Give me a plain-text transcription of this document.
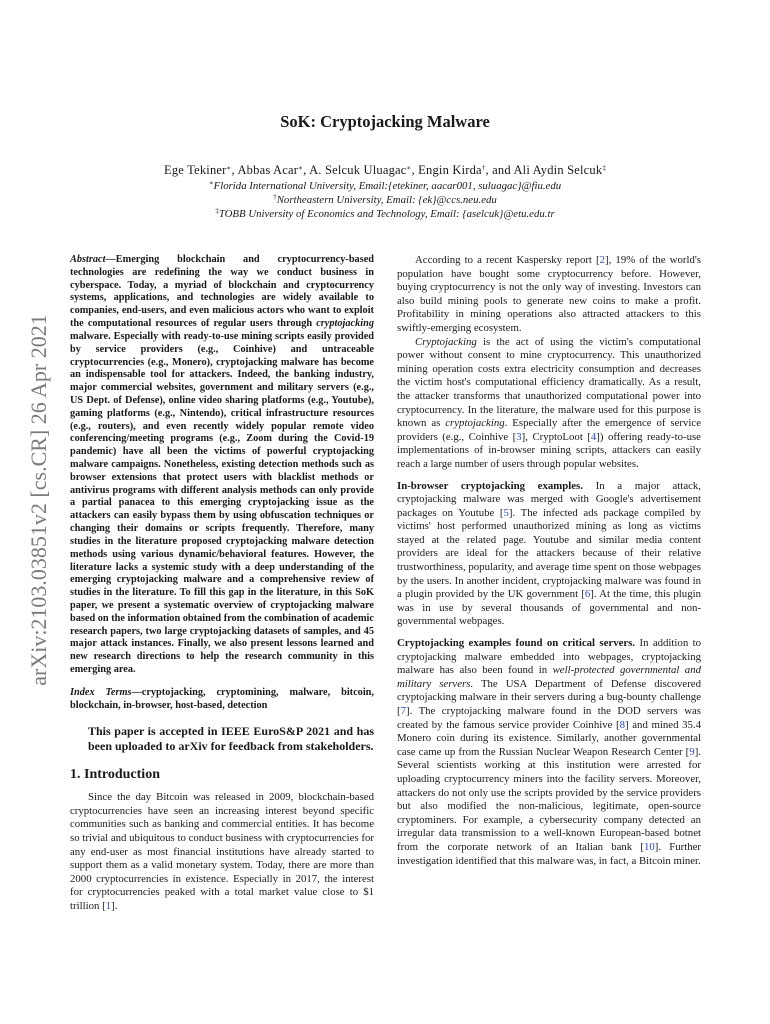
arXiv:2103.03851v2 [cs.CR] 26 Apr 2021
SoK: Cryptojacking Malware
Ege Tekiner∗, Abbas Acar∗, A. Selcuk Uluagac∗, Engin Kirda†, and Ali Aydin Selcuk‡
∗Florida International University, Email:{etekiner, aacar001, suluagac}@fiu.edu
†Northeastern University, Email: {ek}@ccs.neu.edu
‡TOBB University of Economics and Technology, Email: {aselcuk}@etu.edu.tr

Abstract—Emerging blockchain and cryptocurrency-based technologies are redefining the way we conduct business in cyberspace. Today, a myriad of blockchain and cryptocurrency systems, applications, and technologies are widely available to companies, end-users, and even malicious actors who want to exploit the computational resources of regular users through cryptojacking malware. Especially with ready-to-use mining scripts easily provided by service providers (e.g., Coinhive) and untraceable cryptocurrencies (e.g., Monero), cryptojacking malware has become an indispensable tool for attackers. Indeed, the banking industry, major commercial websites, government and military servers (e.g., US Dept. of Defense), online video sharing platforms (e.g., Youtube), gaming platforms (e.g., Nintendo), critical infrastructure resources (e.g., routers), and even recently widely popular remote video conferencing/meeting programs (e.g., Zoom during the Covid-19 pandemic) have all been the victims of powerful cryptojacking malware campaigns. Nonetheless, existing detection methods such as browser extensions that protect users with blacklist methods or antivirus programs with different analysis methods can only provide a partial panacea to this emerging cryptojacking issue as the attackers can easily bypass them by using obfuscation techniques or changing their domains or scripts frequently. Therefore, many studies in the literature proposed cryptojacking malware detection methods using various dynamic/behavioral features. However, the literature lacks a systemic study with a deep understanding of the emerging cryptojacking malware and a comprehensive review of studies in the literature. To fill this gap in the literature, in this SoK paper, we present a systematic overview of cryptojacking malware based on the information obtained from the combination of academic research papers, two large cryptojacking datasets of samples, and 45 major attack instances. Finally, we also present lessons learned and new research directions to help the research community in this emerging area.

Index Terms—cryptojacking, cryptomining, malware, bitcoin, blockchain, in-browser, host-based, detection

This paper is accepted in IEEE EuroS&P 2021 and has been uploaded to arXiv for feedback from stakeholders.

1. Introduction

Since the day Bitcoin was released in 2009, blockchain-based cryptocurrencies have seen an increasing interest beyond specific communities such as banking and commercial entities. It has become so trivial and ubiquitous to conduct business with cryptocurrencies for any end-user as most financial institutions have already started to support them as a valid monetary system. Today, there are more than 2000 cryptocurrencies in existence. Especially in 2017, the interest for cryptocurrencies peaked with a total market value close to $1 trillion [1].

According to a recent Kaspersky report [2], 19% of the world's population have bought some cryptocurrency before. However, buying cryptocurrency is not the only way of investing. Investors can also build mining pools to generate new coins to make a profit. Profitability in mining operations also attracted attackers to this swiftly-emerging ecosystem.

Cryptojacking is the act of using the victim's computational power without consent to mine cryptocurrency. This unauthorized mining operation costs extra electricity consumption and decreases the victim host's computational efficiency dramatically. As a result, the attacker transforms that unauthorized computational power into cryptocurrency. In the literature, the malware used for this purpose is known as cryptojacking. Especially after the emergence of service providers (e.g., Coinhive [3], CryptoLoot [4]) offering ready-to-use implementations of in-browser mining scripts, attackers can easily reach a large number of users through popular websites.

In-browser cryptojacking examples. In a major attack, cryptojacking malware was merged with Google's advertisement packages on Youtube [5]. The infected ads package compiled by victims' host performed unauthorized mining as long as victims stayed at the related page. Youtube and similar media content providers are ideal for the attackers because of their relative trustworthiness, popularity, and average time spent on those webpages by the users. In another incident, cryptojacking malware was found in a plugin provided by the UK government [6]. At the time, this plugin was in use by several thousands of governmental and non-governmental webpages.

Cryptojacking examples found on critical servers. In addition to cryptojacking malware embedded into webpages, cryptojacking malware has also been found in well-protected governmental and military servers. The USA Department of Defense discovered cryptojacking malware in their servers during a bug-bounty challenge [7]. The cryptojacking malware found in the DOD servers was created by the famous service provider Coinhive [8] and mined 35.4 Monero coin during its existence. Similarly, another governmental case came up from the Russian Nuclear Weapon Research Center [9]. Several scientists working at this institution were arrested for uploading cryptocurrency miners into the facility servers. Moreover, attackers do not only use the scripts provided by the service providers but also modified the non-malicious, legitimate, open-source cryptominers. For example, a cybersecurity company detected an irregular data transmission to a well-known European-based botnet from the corporate network of an Italian bank [10]. Further investigation identified that this malware was, in fact, a Bitcoin miner.
